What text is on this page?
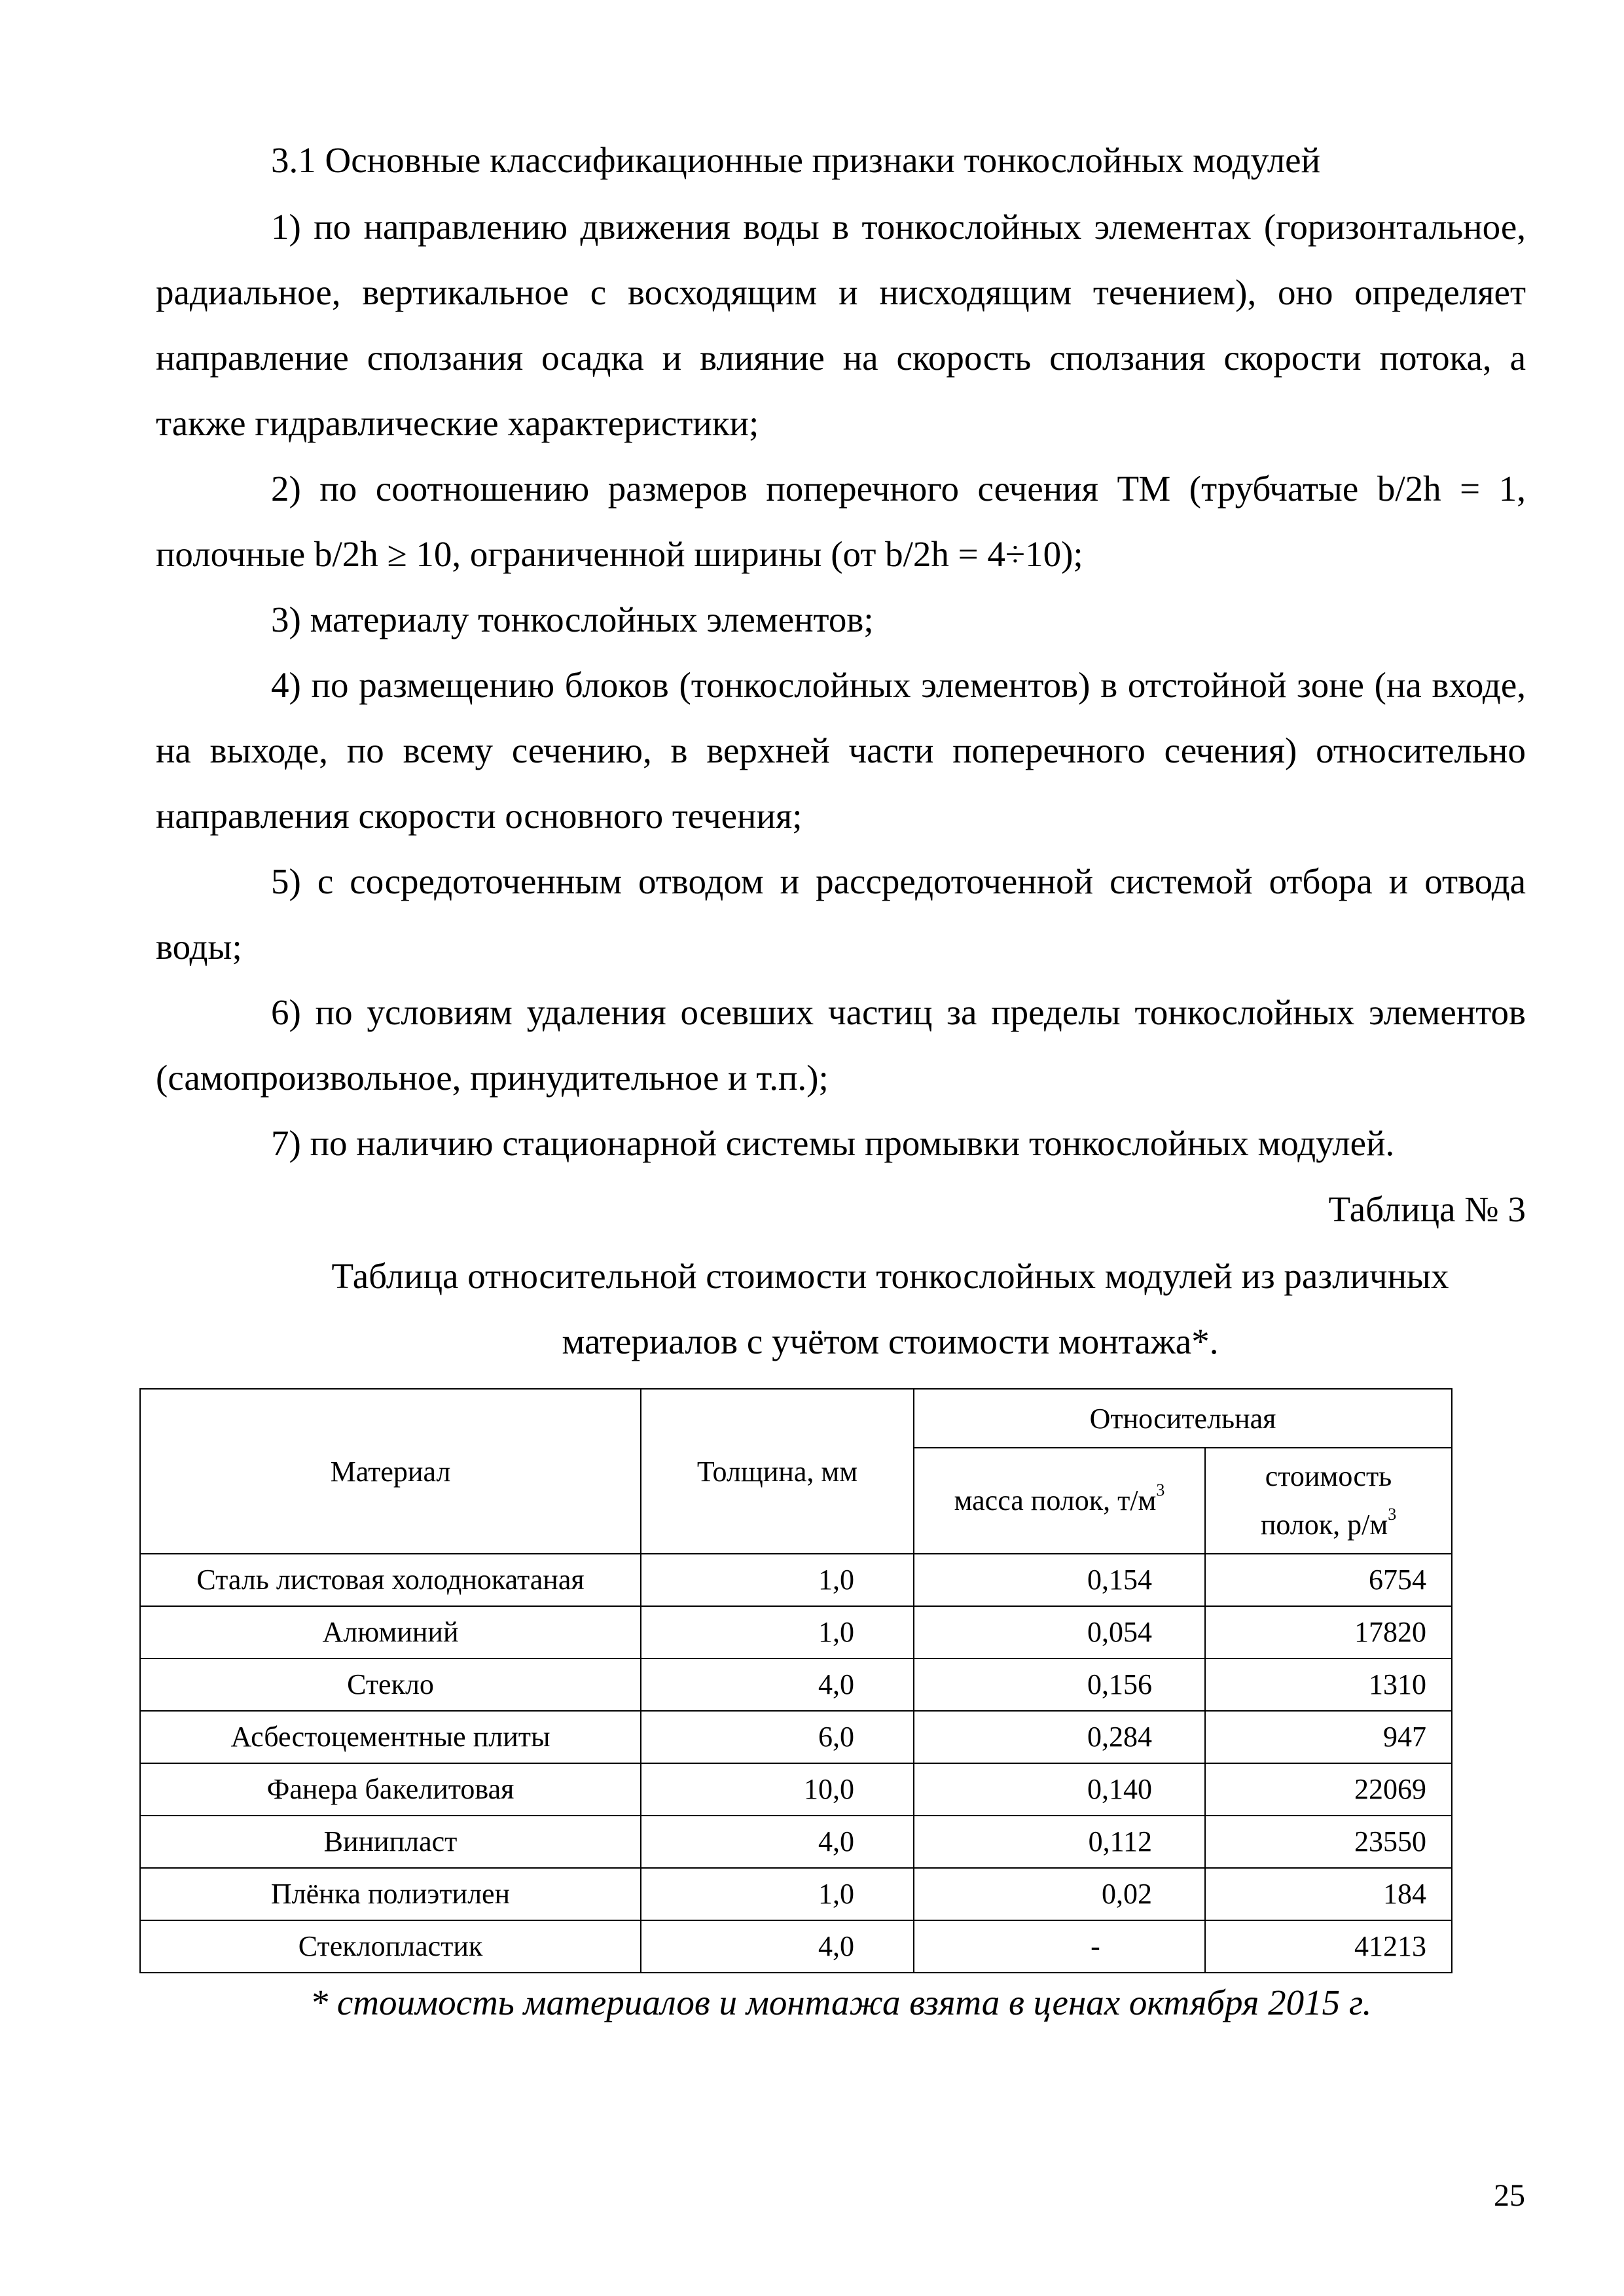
3.1 Основные классификационные признаки тонкослойных модулей

1) по направлению движения воды в тонкослойных элементах (горизонтальное, радиальное, вертикальное с восходящим и нисходящим течением), оно определяет направление сползания осадка и влияние на скорость сползания скорости потока, а также гидравлические характеристики;

2) по соотношению размеров поперечного сечения ТМ (трубчатые b/2h = 1, полочные b/2h ≥ 10, ограниченной ширины (от b/2h = 4÷10);

3) материалу тонкослойных элементов;

4) по размещению блоков (тонкослойных элементов) в отстойной зоне (на входе, на выходе, по всему сечению, в верхней части поперечного сечения) относительно направления скорости основного течения;

5) с сосредоточенным отводом и рассредоточенной системой отбора и отвода воды;

6) по условиям удаления осевших частиц за пределы тонкослойных элементов (самопроизвольное, принудительное и т.п.);

7) по наличию стационарной системы промывки тонкослойных модулей.

Таблица № 3
Таблица относительной стоимости тонкослойных модулей из различных
материалов с учётом стоимости монтажа*.
Материал	Толщина, мм	Относительная	
		масса полок, $т/м^3$	стоимость
полок, $р/м^3$
Сталь листовая холоднокатаная	1,0	0,154	6754
Алюминий	1,0	0,054	17820
Стекло	4,0	0,156	1310
Асбестоцементные плиты	6,0	0,284	947
Фанера бакелитовая	10,0	0,140	22069
Винипласт	4,0	0,112	23550
Плёнка полиэтилен	1,0	0,02	184
Стеклопластик	4,0	-	41213
* стоимость материалов и монтажа взята в ценах октября 2015 г.
25
